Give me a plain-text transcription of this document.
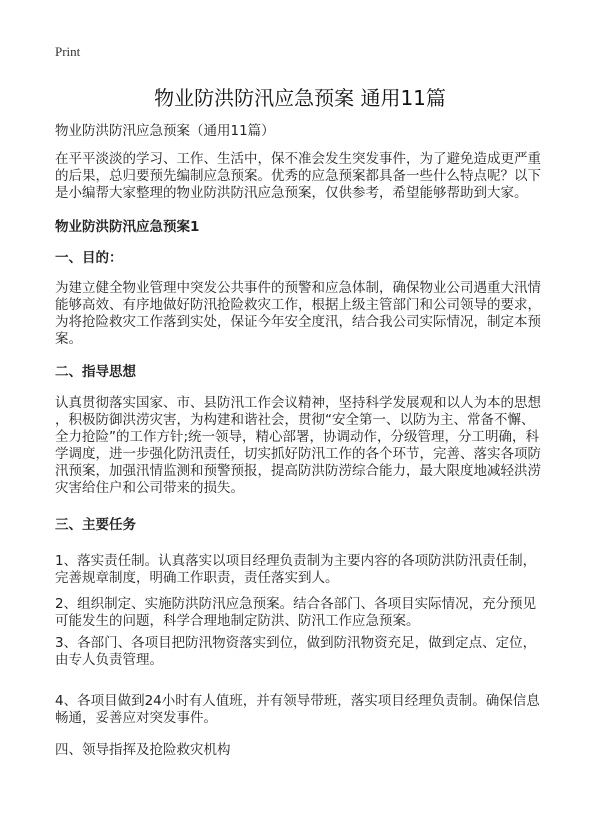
Print
物业防洪防汛应急预案 通用11篇
物业防洪防汛应急预案（通用11篇）
在平平淡淡的学习、工作、生活中，保不准会发生突发事件，为了避免造成更严重
的后果，总归要预先编制应急预案。优秀的应急预案都具备一些什么特点呢？以下
是小编帮大家整理的物业防洪防汛应急预案，仅供参考，希望能够帮助到大家。
物业防洪防汛应急预案1
一、目的：
为建立健全物业管理中突发公共事件的预警和应急体制，确保物业公司遇重大汛情
能够高效、有序地做好防汛抢险救灾工作，根据上级主管部门和公司领导的要求，
为将抢险救灾工作落到实处，保证今年安全度汛，结合我公司实际情况，制定本预
案。
二、指导思想
认真贯彻落实国家、市、县防汛工作会议精神，坚持科学发展观和以人为本的思想
，积极防御洪涝灾害，为构建和谐社会，贯彻“安全第一、以防为主、常备不懈、
全力抢险”的工作方针;统一领导，精心部署，协调动作，分级管理，分工明确，科
学调度，进一步强化防汛责任，切实抓好防汛工作的各个环节，完善、落实各项防
汛预案，加强汛情监测和预警预报，提高防洪防涝综合能力，最大限度地减轻洪涝
灾害给住户和公司带来的损失。
三、主要任务
1、落实责任制。认真落实以项目经理负责制为主要内容的各项防洪防汛责任制，
完善规章制度，明确工作职责，责任落实到人。
2、组织制定、实施防洪防汛应急预案。结合各部门、各项目实际情况，充分预见
可能发生的问题，科学合理地制定防洪、防汛工作应急预案。
3、各部门、各项目把防汛物资落实到位，做到防汛物资充足，做到定点、定位，
由专人负责管理。
4、各项目做到24小时有人值班，并有领导带班，落实项目经理负责制。确保信息
畅通，妥善应对突发事件。
四、领导指挥及抢险救灾机构
